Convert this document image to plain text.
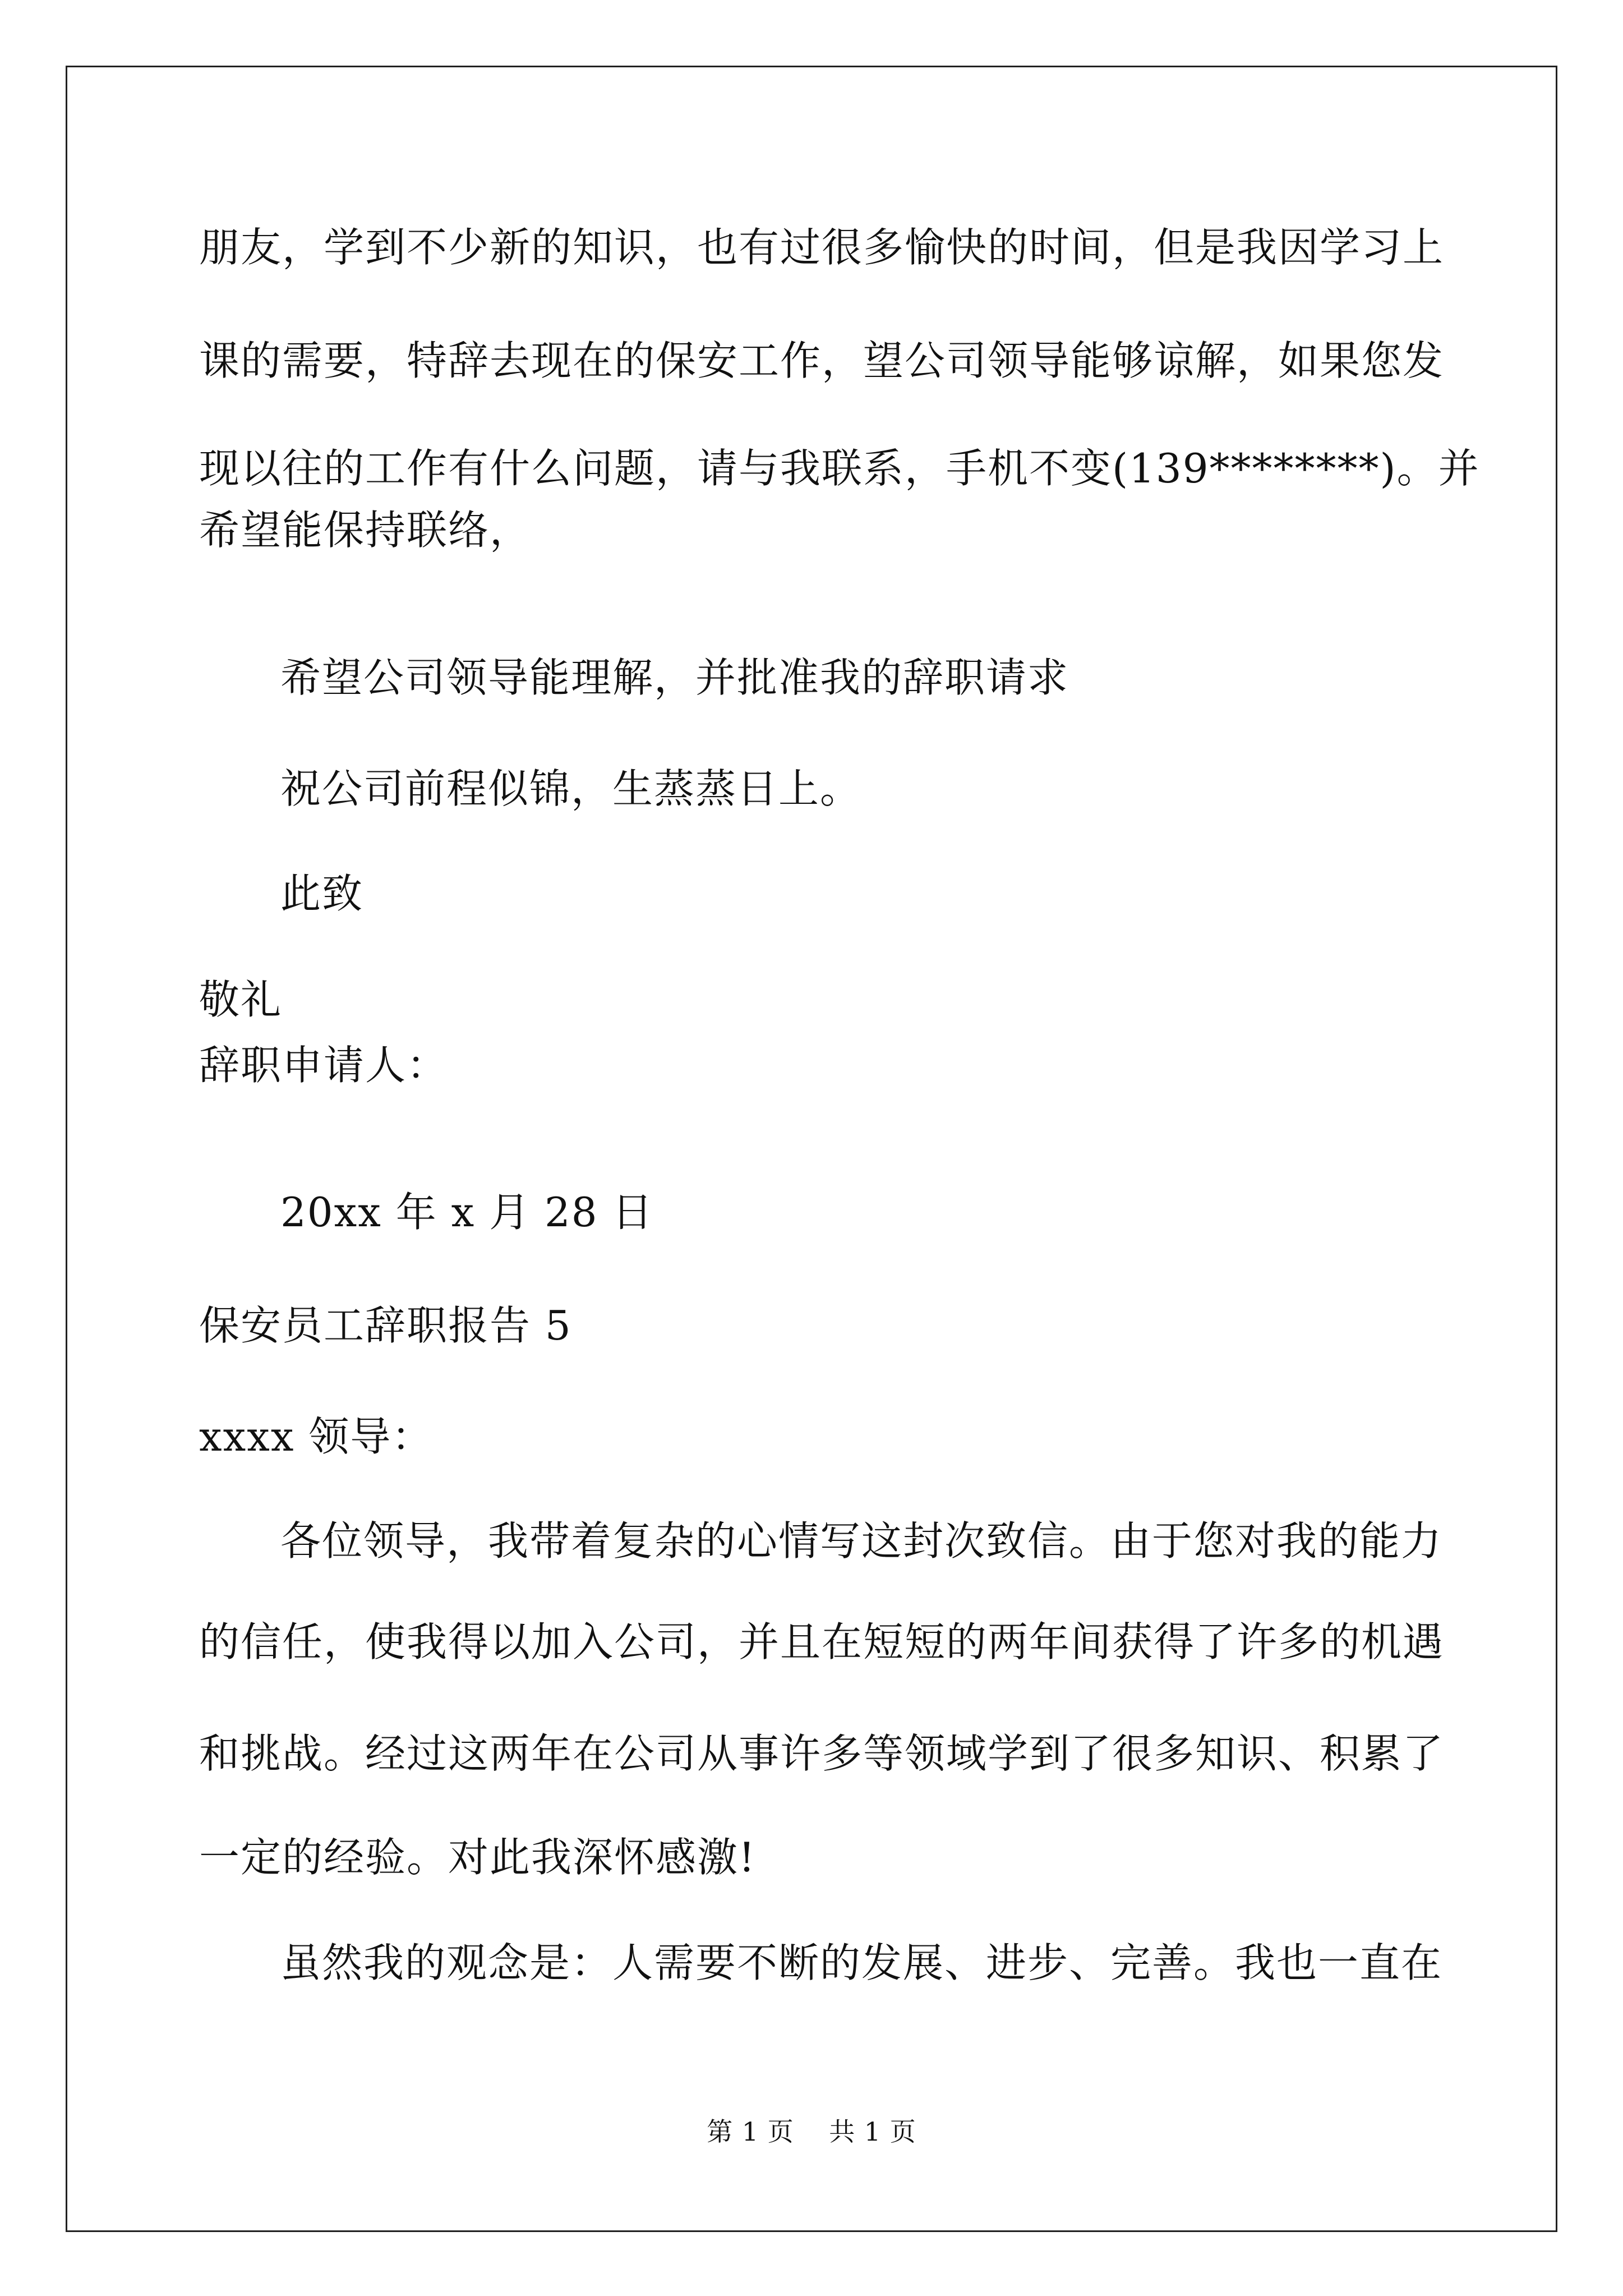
朋友，学到不少新的知识，也有过很多愉快的时间，但是我因学习上
课的需要，特辞去现在的保安工作，望公司领导能够谅解，如果您发
现以往的工作有什么问题，请与我联系，手机不变(139********)。并
希望能保持联络，
希望公司领导能理解，并批准我的辞职请求
祝公司前程似锦，生蒸蒸日上。
此致
敬礼
辞职申请人：
20xx 年 x 月 28 日
保安员工辞职报告 5
xxxx 领导：
各位领导，我带着复杂的心情写这封次致信。由于您对我的能力
的信任，使我得以加入公司，并且在短短的两年间获得了许多的机遇
和挑战。经过这两年在公司从事许多等领域学到了很多知识、积累了
一定的经验。对此我深怀感激!
虽然我的观念是：人需要不断的发展、进步、完善。我也一直在
第 1 页    共 1 页
